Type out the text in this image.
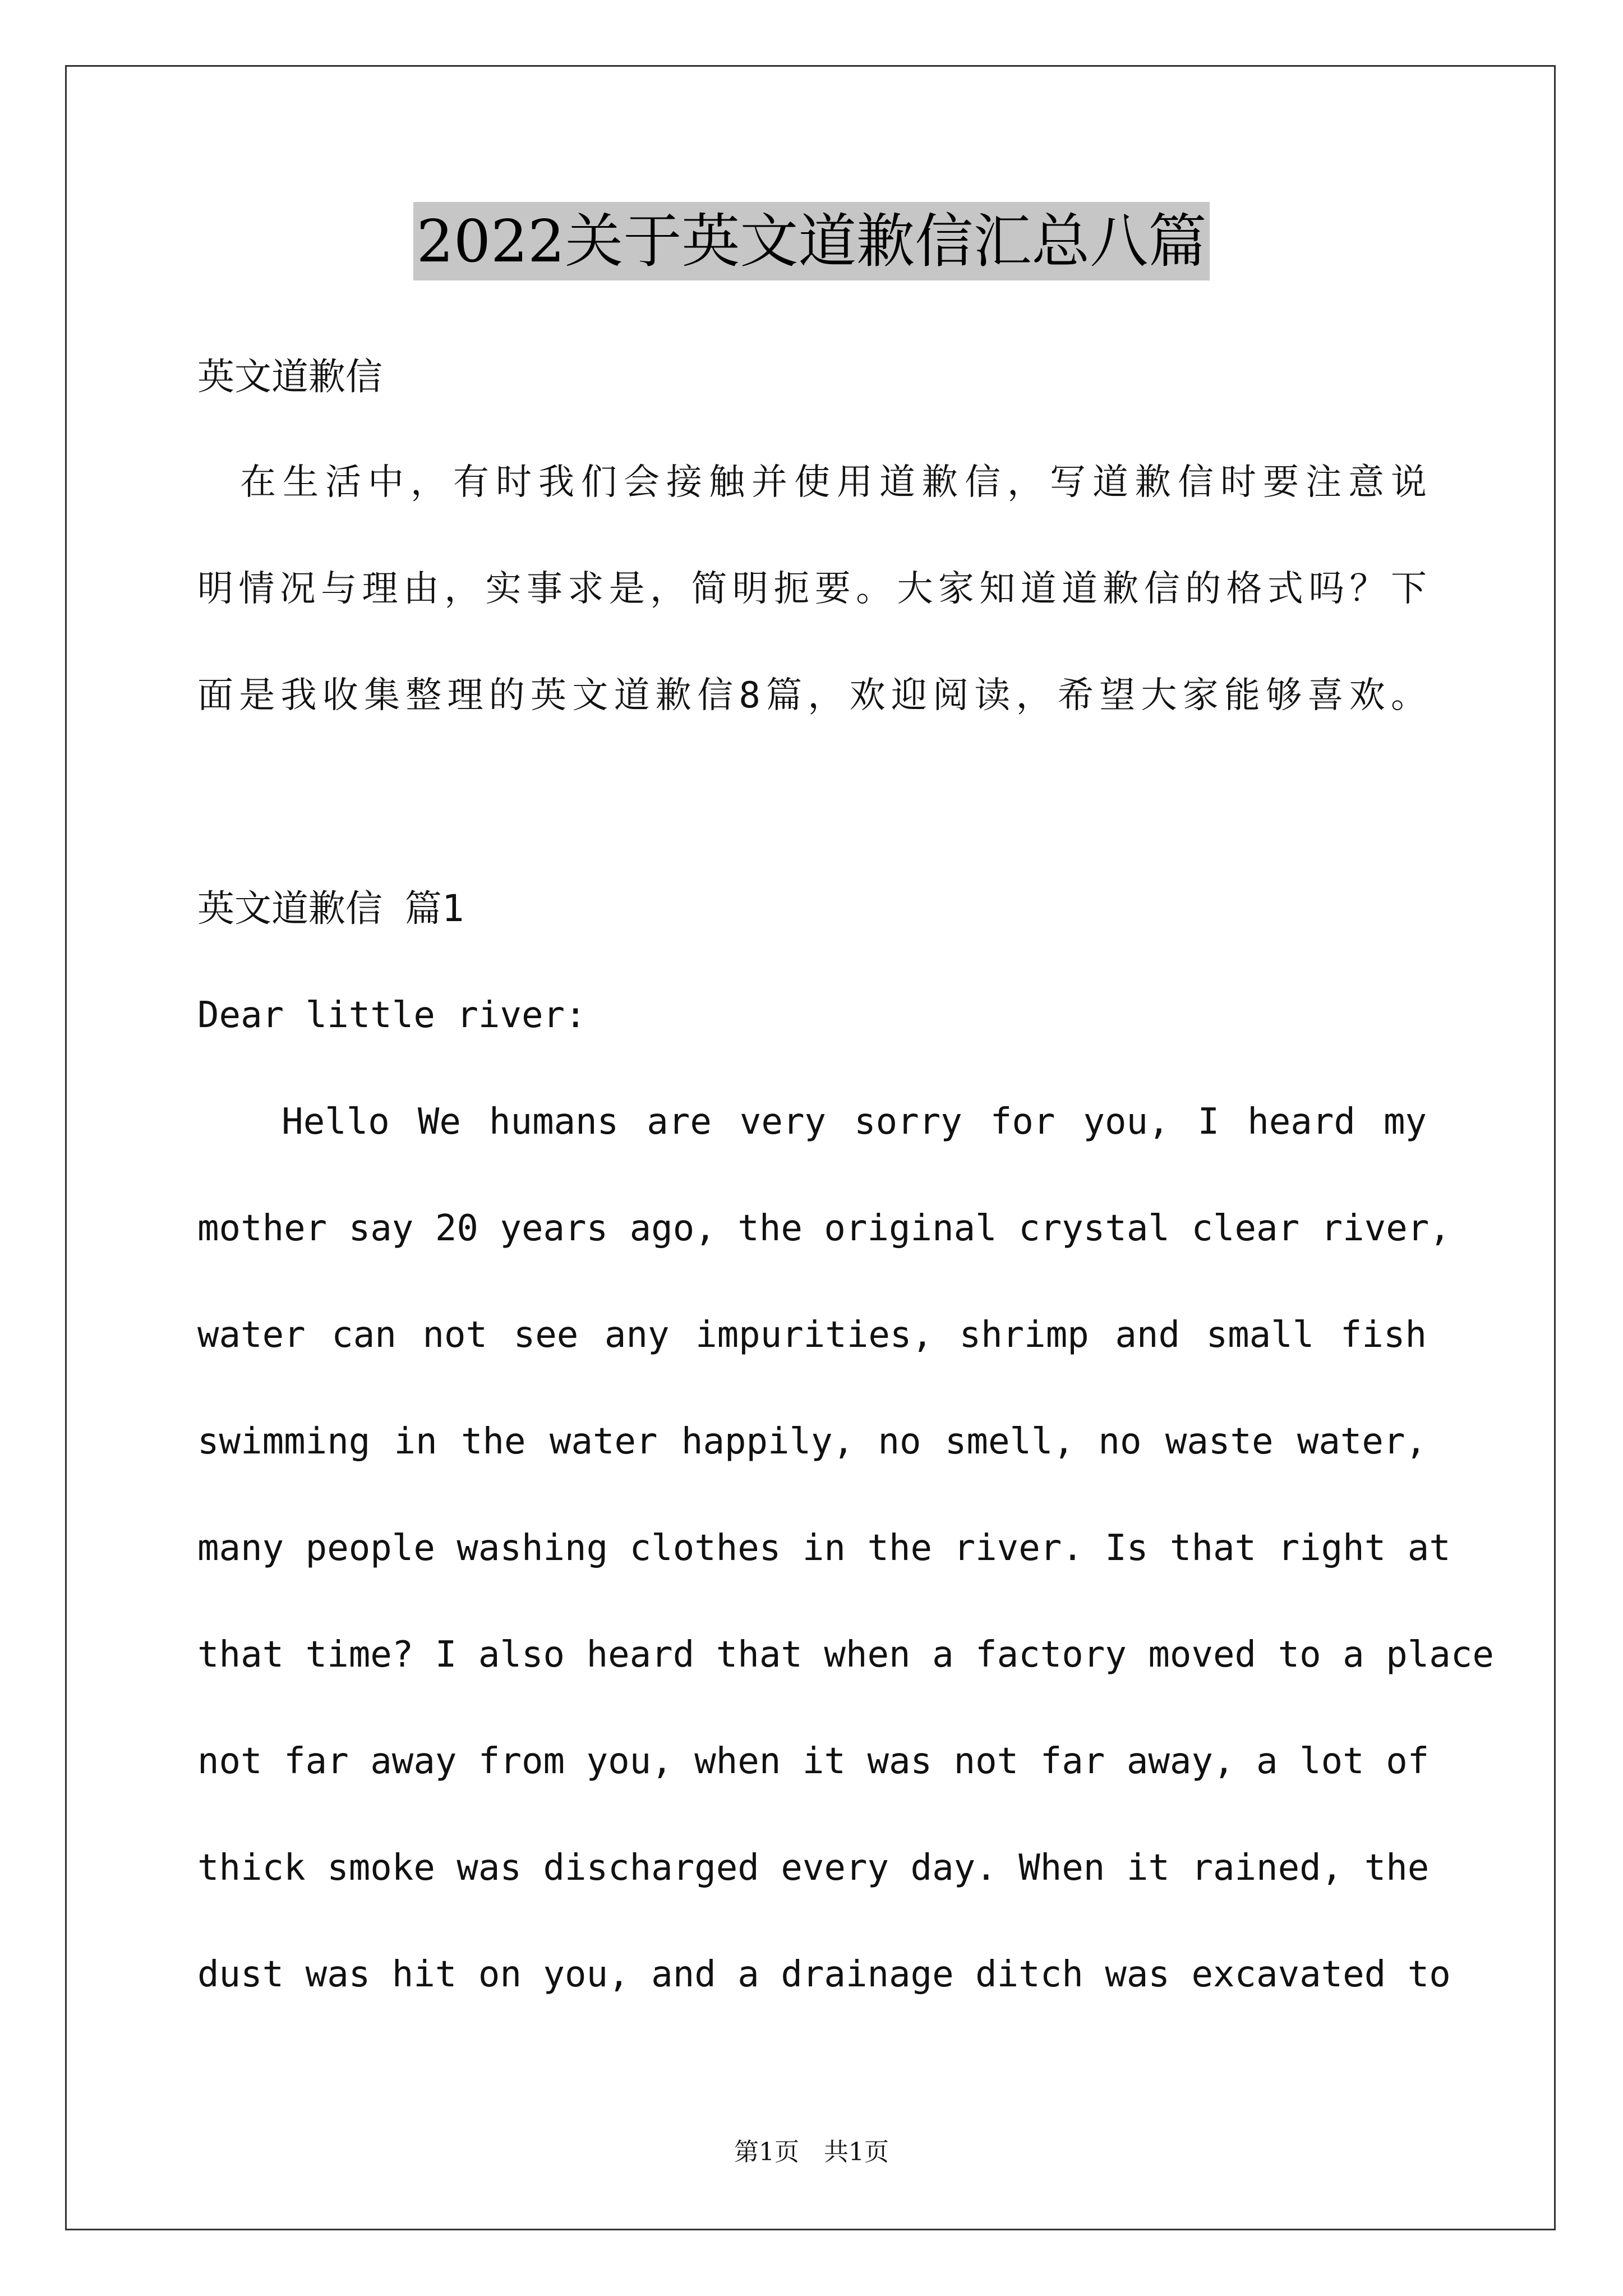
2022关于英文道歉信汇总八篇
英文道歉信
　在生活中，有时我们会接触并使用道歉信，写道歉信时要注意说
明情况与理由，实事求是，简明扼要。大家知道道歉信的格式吗？下
面是我收集整理的英文道歉信8篇，欢迎阅读，希望大家能够喜欢。
英文道歉信 篇1
Dear little river:
Hello We humans are very sorry for you, I heard my
mother say 20 years ago, the original crystal clear river,
water can not see any impurities, shrimp and small fish
swimming in the water happily, no smell, no waste water,
many people washing clothes in the river. Is that right at
that time? I also heard that when a factory moved to a place
not far away from you, when it was not far away, a lot of
thick smoke was discharged every day. When it rained, the
dust was hit on you, and a drainage ditch was excavated to
第1页　共1页
